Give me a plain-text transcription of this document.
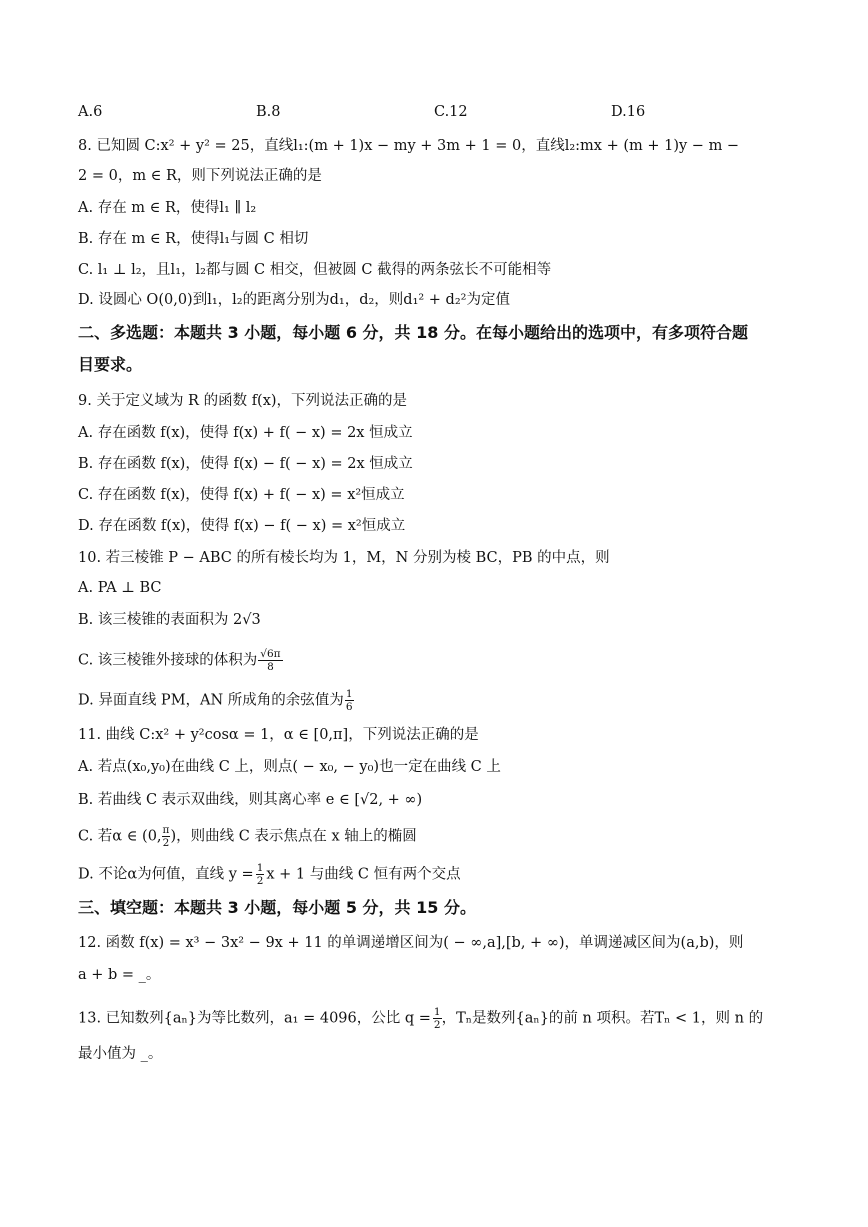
A.6	B.8	C.12	D.16
8. 已知圆 C:x² + y² = 25，直线l₁:(m + 1)x − my + 3m + 1 = 0，直线l₂:mx + (m + 1)y − m −
2 = 0，m ∈ R，则下列说法正确的是
A. 存在 m ∈ R，使得l₁ ∥ l₂
B. 存在 m ∈ R，使得l₁与圆 C 相切
C. l₁ ⊥ l₂，且l₁，l₂都与圆 C 相交，但被圆 C 截得的两条弦长不可能相等
D. 设圆心 O(0,0)到l₁，l₂的距离分别为d₁，d₂，则d₁² + d₂²为定值
二、多选题：本题共 3 小题，每小题 6 分，共 18 分。在每小题给出的选项中，有多项符合题
目要求。
9. 关于定义域为 R 的函数 f(x)，下列说法正确的是
A. 存在函数 f(x)，使得 f(x) + f( − x) = 2x 恒成立
B. 存在函数 f(x)，使得 f(x) − f( − x) = 2x 恒成立
C. 存在函数 f(x)，使得 f(x) + f( − x) = x²恒成立
D. 存在函数 f(x)，使得 f(x) − f( − x) = x²恒成立
10. 若三棱锥 P − ABC 的所有棱长均为 1，M，N 分别为棱 BC，PB 的中点，则
A. PA ⊥ BC
B. 该三棱锥的表面积为 2√3
C. 该三棱锥外接球的体积为 $\frac{√6\pi}{8}$
D. 异面直线 PM，AN 所成角的余弦值为 $\frac{1}{6}$
11. 曲线 C:x² + y²cosα = 1，α ∈ [0,π]，下列说法正确的是
A. 若点(x₀,y₀)在曲线 C 上，则点( − x₀, − y₀)也一定在曲线 C 上
B. 若曲线 C 表示双曲线，则其离心率 e ∈ [√2, + ∞)
C. 若α ∈ (0, $\frac{\pi}{2}$ )，则曲线 C 表示焦点在 x 轴上的椭圆
D. 不论α为何值，直线 $y = \frac{1}{2}$ x + 1 与曲线 C 恒有两个交点
三、填空题：本题共 3 小题，每小题 5 分，共 15 分。
12. 函数 f(x) = x³ − 3x² − 9x + 11 的单调递增区间为( − ∞,a],[b, + ∞)，单调递减区间为(a,b)，则
a + b = _。
13. 已知数列{aₙ}为等比数列，a₁ = 4096，公比 $q = \frac{1}{2}$ ，Tₙ是数列{aₙ}的前 n 项积。若Tₙ < 1，则 n 的
最小值为 _。
